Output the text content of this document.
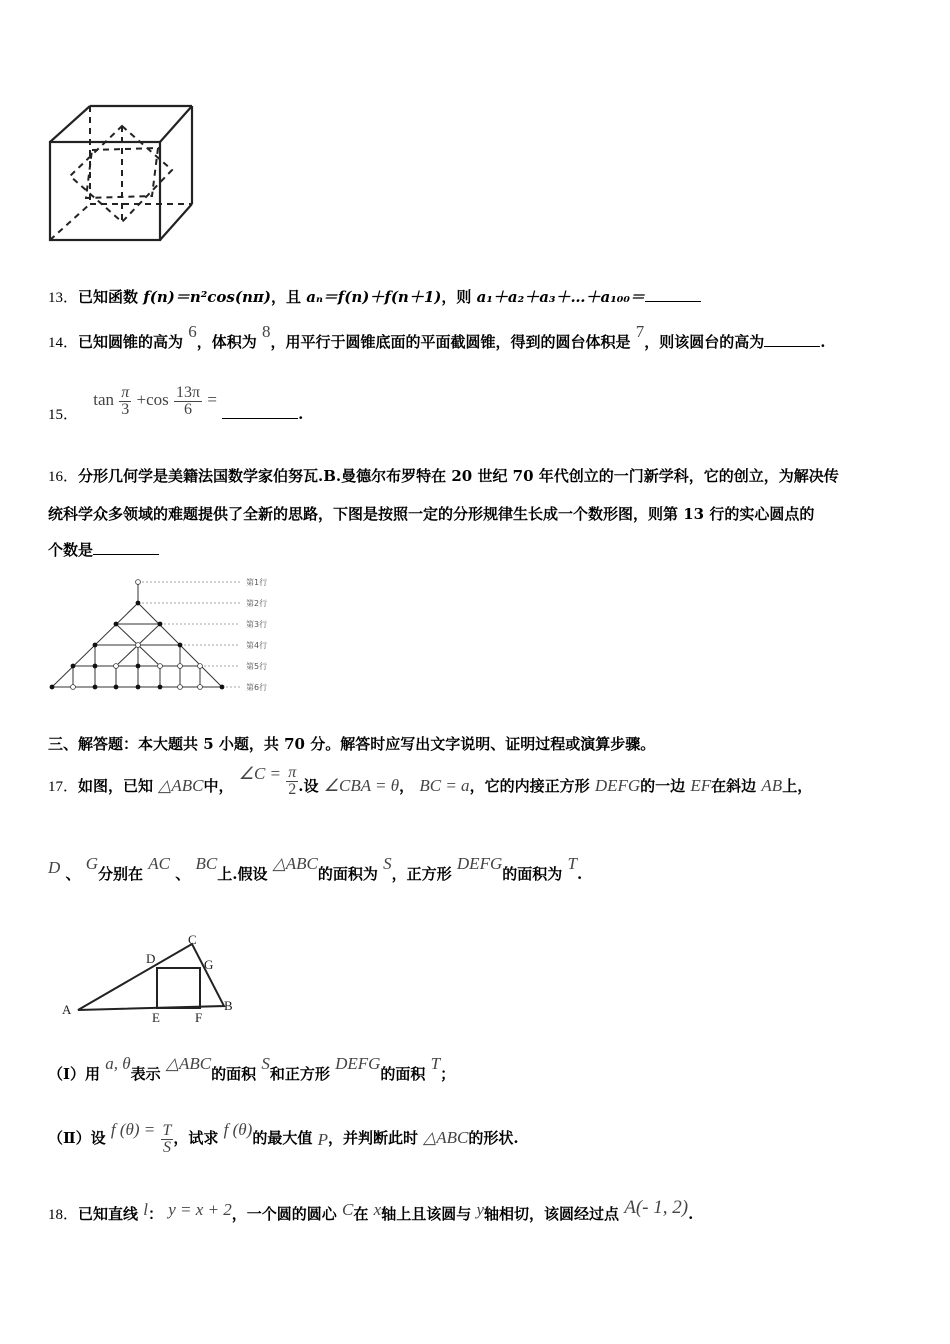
13．已知函数 f(n)＝n²cos(nπ)，且 aₙ＝f(n)＋f(n＋1)，则 a₁＋a₂＋a₃＋…＋a₁₀₀＝
14．已知圆锥的高为 6，体积为 8，用平行于圆锥底面的平面截圆锥，得到的圆台体积是 7，则该圆台的高为	.
15． $\tan \frac{\pi}{3} +\cos \frac{13\pi}{6}$ = .
16．分形几何学是美籍法国数学家伯努瓦.B.曼德尔布罗特在 20 世纪 70 年代创立的一门新学科，它的创立，为解决传
统科学众多领域的难题提供了全新的思路，下图是按照一定的分形规律生长成一个数形图，则第 13 行的实心圆点的
个数是
第1行
第2行
第3行
第4行
第5行
第6行
三、解答题：本大题共 5 小题，共 70 分。解答时应写出文字说明、证明过程或演算步骤。
17．如图，已知 △ABC中， ∠C = $\frac{\pi}{2}$ .设 ∠CBA = θ， BC = a，它的内接正方形 DEFG的一边 EF在斜边 AB上，
D 、 G分别在 AC 、 BC上.假设 △ABC的面积为 S，正方形 DEFG的面积为 T.
A	B
C
D
E	F
G
（Ⅰ）用 a, θ表示 △ABC的面积 S和正方形 DEFG的面积 T；
（Ⅱ）设 f $(\theta) = \frac{T}{S}$ ，试求 f (θ)的最大值 P，并判断此时 △ABC的形状.
18．已知直线 l： y = x + 2，一个圆的圆心 C在 x轴上且该圆与 y轴相切，该圆经过点 A(- 1, 2).
